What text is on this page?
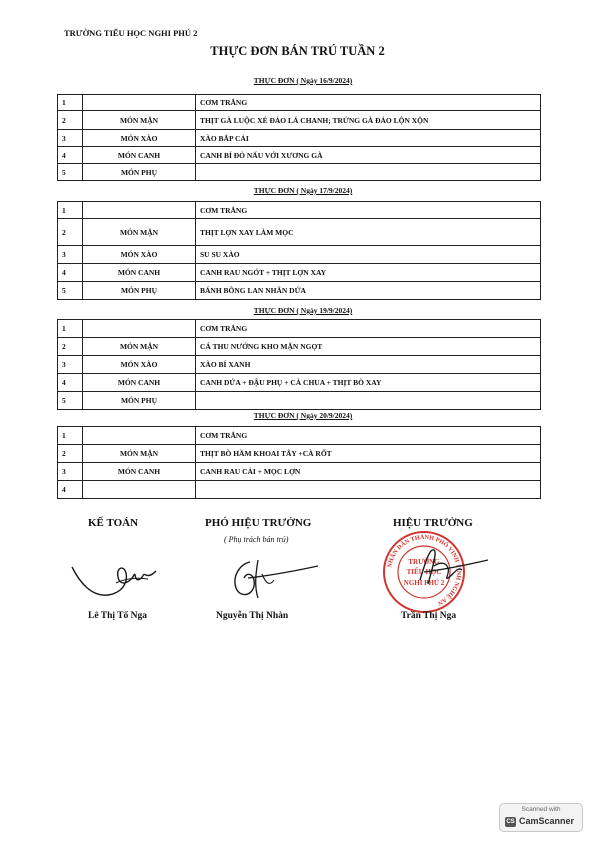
TRƯỜNG TIỂU HỌC NGHI PHÚ 2
THỰC ĐƠN BÁN TRÚ TUẦN 2
THỰC ĐƠN ( Ngày 16/9/2024)
1		CƠM TRẮNG
2	MÓN MẶN	THỊT GÀ LUỘC XÉ ĐẢO LÁ CHANH; TRỨNG GÀ ĐẢO LỘN XỘN
3	MÓN XÀO	XÀO BẮP CẢI
4	MÓN CANH	CANH BÍ ĐỎ NẤU VỚI XƯƠNG GÀ
5	MÓN PHỤ	
THỰC ĐƠN ( Ngày 17/9/2024)
1		CƠM TRẮNG
2	MÓN MẶN	THỊT LỢN XAY LÀM MỌC
3	MÓN XÀO	SU SU XÀO
4	MÓN CANH	CANH RAU NGÓT + THỊT LỢN XAY
5	MÓN PHỤ	BÁNH BÔNG LAN NHÂN DỨA
THỰC ĐƠN ( Ngày 19/9/2024)
1		CƠM TRẮNG
2	MÓN MẶN	CÁ THU NƯỚNG KHO MẶN NGỌT
3	MÓN XÀO	XÀO BÍ XANH
4	MÓN CANH	CANH DỨA + ĐẬU PHỤ + CÀ CHUA + THỊT BÒ XAY
5	MÓN PHỤ	
THỰC ĐƠN ( Ngày 20/9/2024)
1		CƠM TRẮNG
2	MÓN MẶN	THỊT BÒ HẦM KHOAI TÂY +CÀ RỐT
3	MÓN CANH	CANH RAU CẢI + MỌC LỢN
4		
KẾ TOÁN	PHÓ HIỆU TRƯỞNG
( Phụ trách bán trú)
HIỆU TRƯỞNG
NHÂN DÂN THÀNH PHỐ VINH TỈNH NGHỆ AN
TRƯỜNG
TIỂU HỌC
NGHI PHÚ 2
Lê Thị Tố Nga	Nguyễn Thị Nhàn	Trần Thị Nga
Scanned with
CS CamScanner
